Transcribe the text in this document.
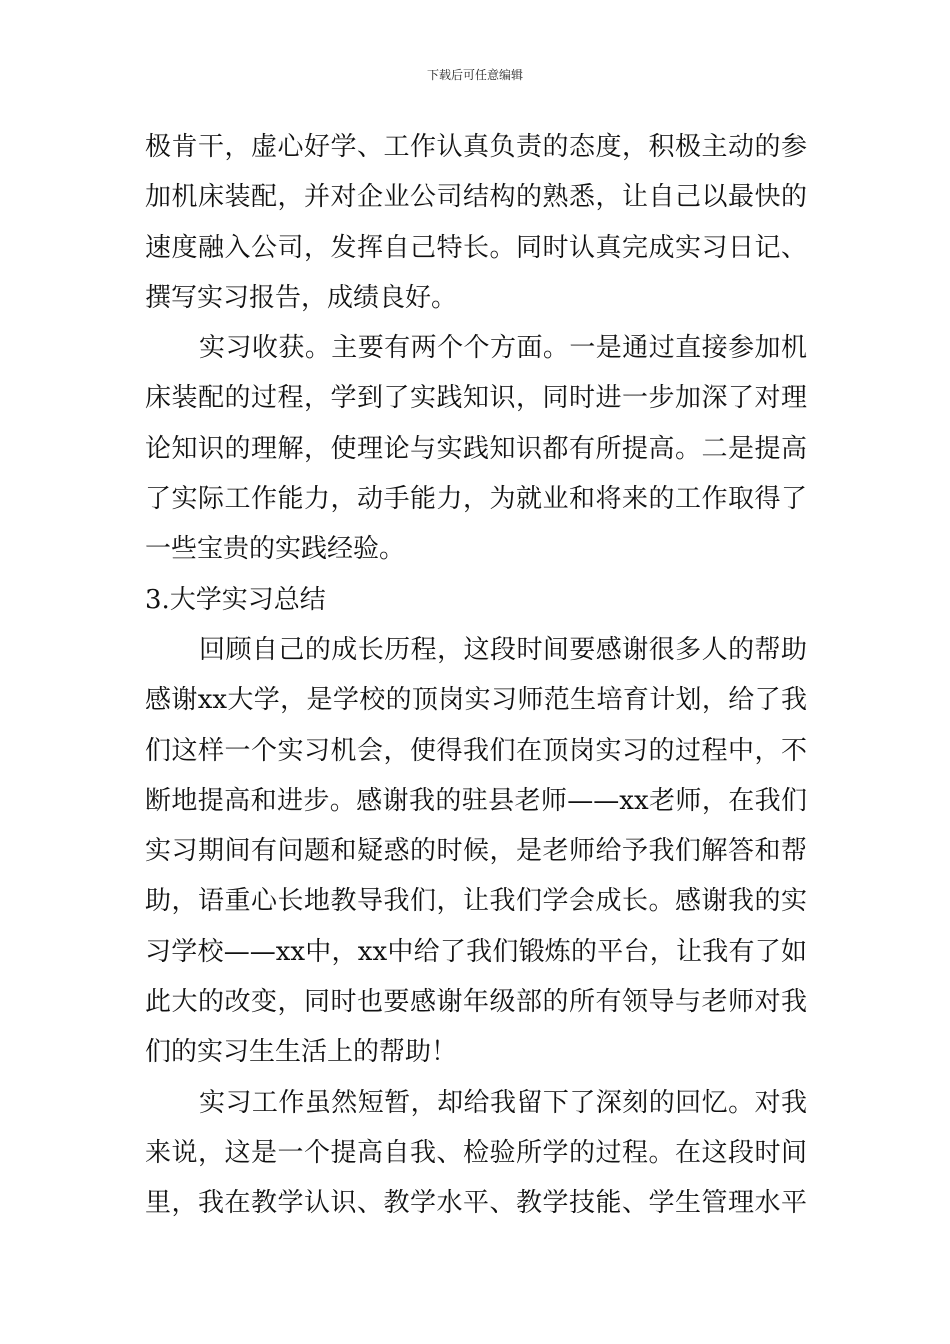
下载后可任意编辑
极肯干，虚心好学、工作认真负责的态度，积极主动的参
加机床装配，并对企业公司结构的熟悉，让自己以最快的
速度融入公司，发挥自己特长。同时认真完成实习日记、
撰写实习报告，成绩良好。
实习收获。主要有两个个方面。一是通过直接参加机
床装配的过程，学到了实践知识，同时进一步加深了对理
论知识的理解，使理论与实践知识都有所提高。二是提高
了实际工作能力，动手能力，为就业和将来的工作取得了
一些宝贵的实践经验。
3.大学实习总结
回顾自己的成长历程，这段时间要感谢很多人的帮助
感谢xx大学，是学校的顶岗实习师范生培育计划，给了我
们这样一个实习机会，使得我们在顶岗实习的过程中，不
断地提高和进步。感谢我的驻县老师——xx老师，在我们
实习期间有问题和疑惑的时候，是老师给予我们解答和帮
助，语重心长地教导我们，让我们学会成长。感谢我的实
习学校——xx中，xx中给了我们锻炼的平台，让我有了如
此大的改变，同时也要感谢年级部的所有领导与老师对我
们的实习生生活上的帮助！
实习工作虽然短暂，却给我留下了深刻的回忆。对我
来说，这是一个提高自我、检验所学的过程。在这段时间
里，我在教学认识、教学水平、教学技能、学生管理水平
